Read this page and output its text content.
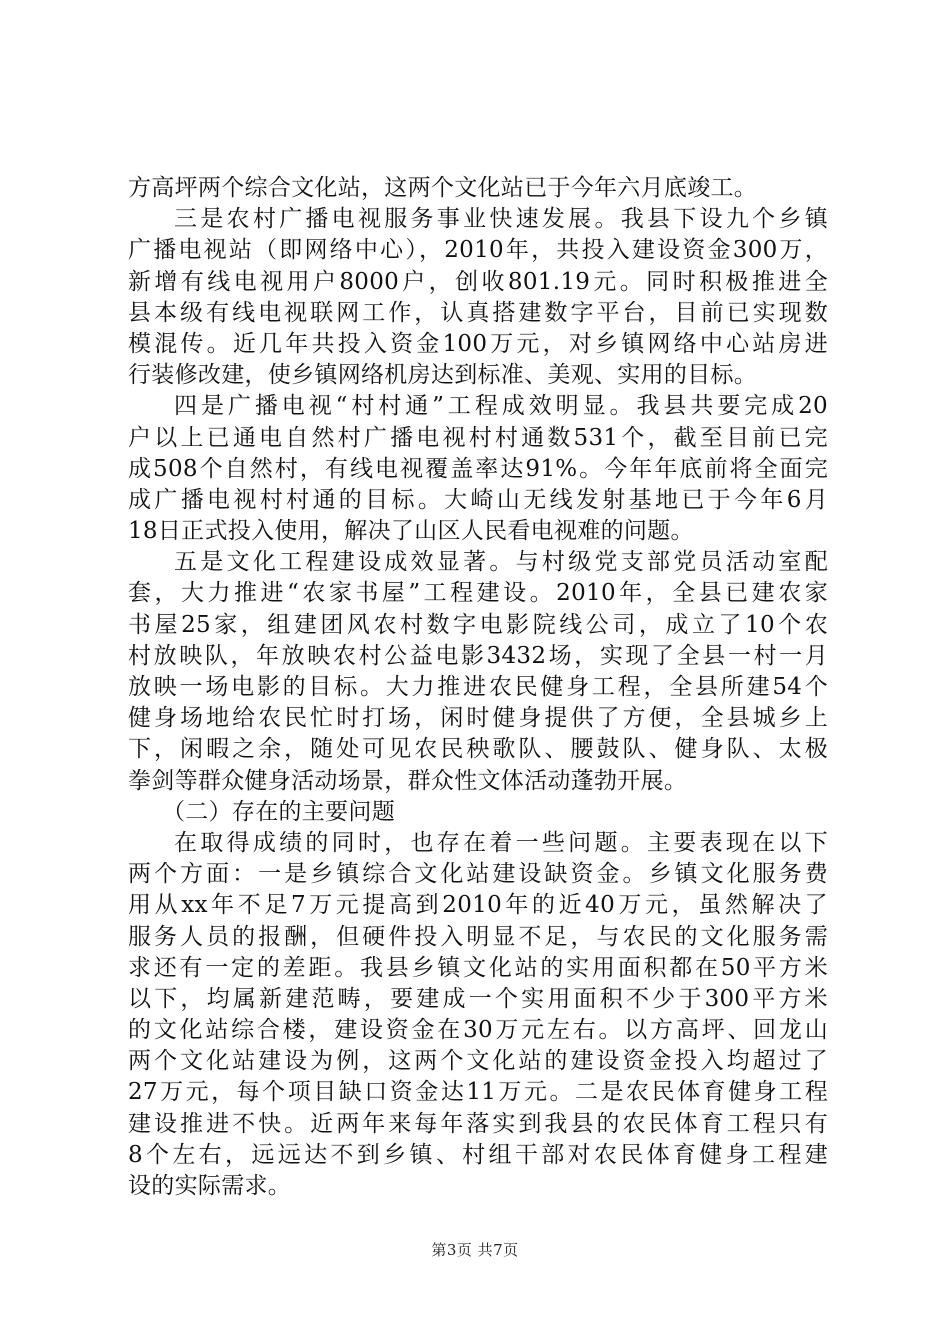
方高坪两个综合文化站，这两个文化站已于今年六月底竣工。
三是农村广播电视服务事业快速发展。我县下设九个乡镇
广播电视站（即网络中心），2010年，共投入建设资金300万，
新增有线电视用户8000户，创收801.19元。同时积极推进全
县本级有线电视联网工作，认真搭建数字平台，目前已实现数
模混传。近几年共投入资金100万元，对乡镇网络中心站房进
行装修改建，使乡镇网络机房达到标准、美观、实用的目标。
四是广播电视“村村通”工程成效明显。我县共要完成20
户以上已通电自然村广播电视村村通数531个，截至目前已完
成508个自然村，有线电视覆盖率达91%。今年年底前将全面完
成广播电视村村通的目标。大崎山无线发射基地已于今年6月
18日正式投入使用，解决了山区人民看电视难的问题。
五是文化工程建设成效显著。与村级党支部党员活动室配
套，大力推进“农家书屋”工程建设。2010年，全县已建农家
书屋25家，组建团风农村数字电影院线公司，成立了10个农
村放映队，年放映农村公益电影3432场，实现了全县一村一月
放映一场电影的目标。大力推进农民健身工程，全县所建54个
健身场地给农民忙时打场，闲时健身提供了方便，全县城乡上
下，闲暇之余，随处可见农民秧歌队、腰鼓队、健身队、太极
拳剑等群众健身活动场景，群众性文体活动蓬勃开展。
（二）存在的主要问题
在取得成绩的同时，也存在着一些问题。主要表现在以下
两个方面：一是乡镇综合文化站建设缺资金。乡镇文化服务费
用从xx年不足7万元提高到2010年的近40万元，虽然解决了
服务人员的报酬，但硬件投入明显不足，与农民的文化服务需
求还有一定的差距。我县乡镇文化站的实用面积都在50平方米
以下，均属新建范畴，要建成一个实用面积不少于300平方米
的文化站综合楼，建设资金在30万元左右。以方高坪、回龙山
两个文化站建设为例，这两个文化站的建设资金投入均超过了
27万元，每个项目缺口资金达11万元。二是农民体育健身工程
建设推进不快。近两年来每年落实到我县的农民体育工程只有
8个左右，远远达不到乡镇、村组干部对农民体育健身工程建
设的实际需求。
第3页 共7页
